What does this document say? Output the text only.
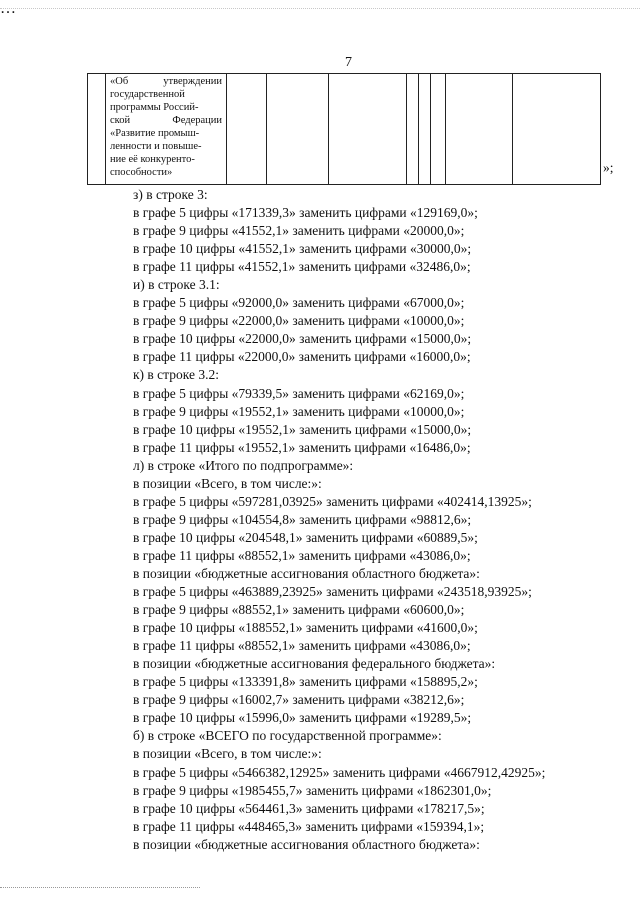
7
«Об	утверждении
государственной
программы Россий-
ской	Федерации
«Развитие промыш-
ленности и повыше-
ние её конкуренто-
способности»	»;
з) в строке 3:
в графе 5 цифры «171339,3» заменить цифрами «129169,0»;
в графе 9 цифры «41552,1» заменить цифрами «20000,0»;
в графе 10 цифры «41552,1» заменить цифрами «30000,0»;
в графе 11 цифры «41552,1» заменить цифрами «32486,0»;
и) в строке 3.1:
в графе 5 цифры «92000,0» заменить цифрами «67000,0»;
в графе 9 цифры «22000,0» заменить цифрами «10000,0»;
в графе 10 цифры «22000,0» заменить цифрами «15000,0»;
в графе 11 цифры «22000,0» заменить цифрами «16000,0»;
к) в строке 3.2:
в графе 5 цифры «79339,5» заменить цифрами «62169,0»;
в графе 9 цифры «19552,1» заменить цифрами «10000,0»;
в графе 10 цифры «19552,1» заменить цифрами «15000,0»;
в графе 11 цифры «19552,1» заменить цифрами «16486,0»;
л) в строке «Итого по подпрограмме»:
в позиции «Всего, в том числе:»:
в графе 5 цифры «597281,03925» заменить цифрами «402414,13925»;
в графе 9 цифры «104554,8» заменить цифрами «98812,6»;
в графе 10 цифры «204548,1» заменить цифрами «60889,5»;
в графе 11 цифры «88552,1» заменить цифрами «43086,0»;
в позиции «бюджетные ассигнования областного бюджета»:
в графе 5 цифры «463889,23925» заменить цифрами «243518,93925»;
в графе 9 цифры «88552,1» заменить цифрами «60600,0»;
в графе 10 цифры «188552,1» заменить цифрами «41600,0»;
в графе 11 цифры «88552,1» заменить цифрами «43086,0»;
в позиции «бюджетные ассигнования федерального бюджета»:
в графе 5 цифры «133391,8» заменить цифрами «158895,2»;
в графе 9 цифры «16002,7» заменить цифрами «38212,6»;
в графе 10 цифры «15996,0» заменить цифрами «19289,5»;
б) в строке «ВСЕГО по государственной программе»:
в позиции «Всего, в том числе:»:
в графе 5 цифры «5466382,12925» заменить цифрами «4667912,42925»;
в графе 9 цифры «1985455,7» заменить цифрами «1862301,0»;
в графе 10 цифры «564461,3» заменить цифрами «178217,5»;
в графе 11 цифры «448465,3» заменить цифрами «159394,1»;
в позиции «бюджетные ассигнования областного бюджета»:
…
